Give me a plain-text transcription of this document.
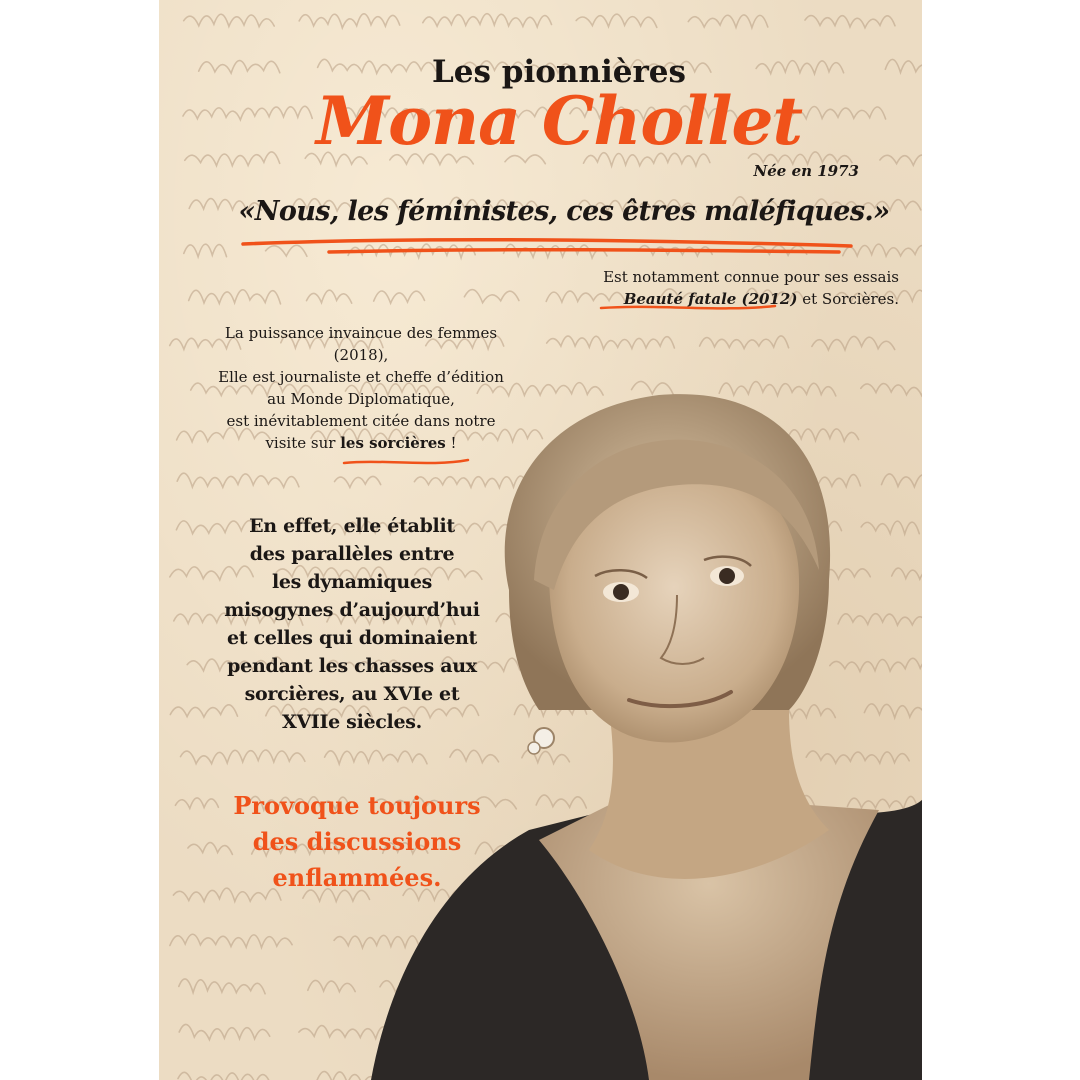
Les pionnières
Mona Chollet
Née en 1973
«Nous, les féministes, ces êtres maléfiques.»
Est notamment connue pour ses essais
Beauté fatale (2012) et Sorcières.
La puissance invaincue des femmes
(2018),
Elle est journaliste et cheffe d’édition
au Monde Diplomatique,
est inévitablement citée dans notre
visite sur les sorcières !
En effet, elle établit
des parallèles entre
les dynamiques
misogynes d’aujourd’hui
et celles qui dominaient
pendant les chasses aux
sorcières, au XVIe et
XVIIe siècles.
Provoque toujours
des discussions
enflammées.
